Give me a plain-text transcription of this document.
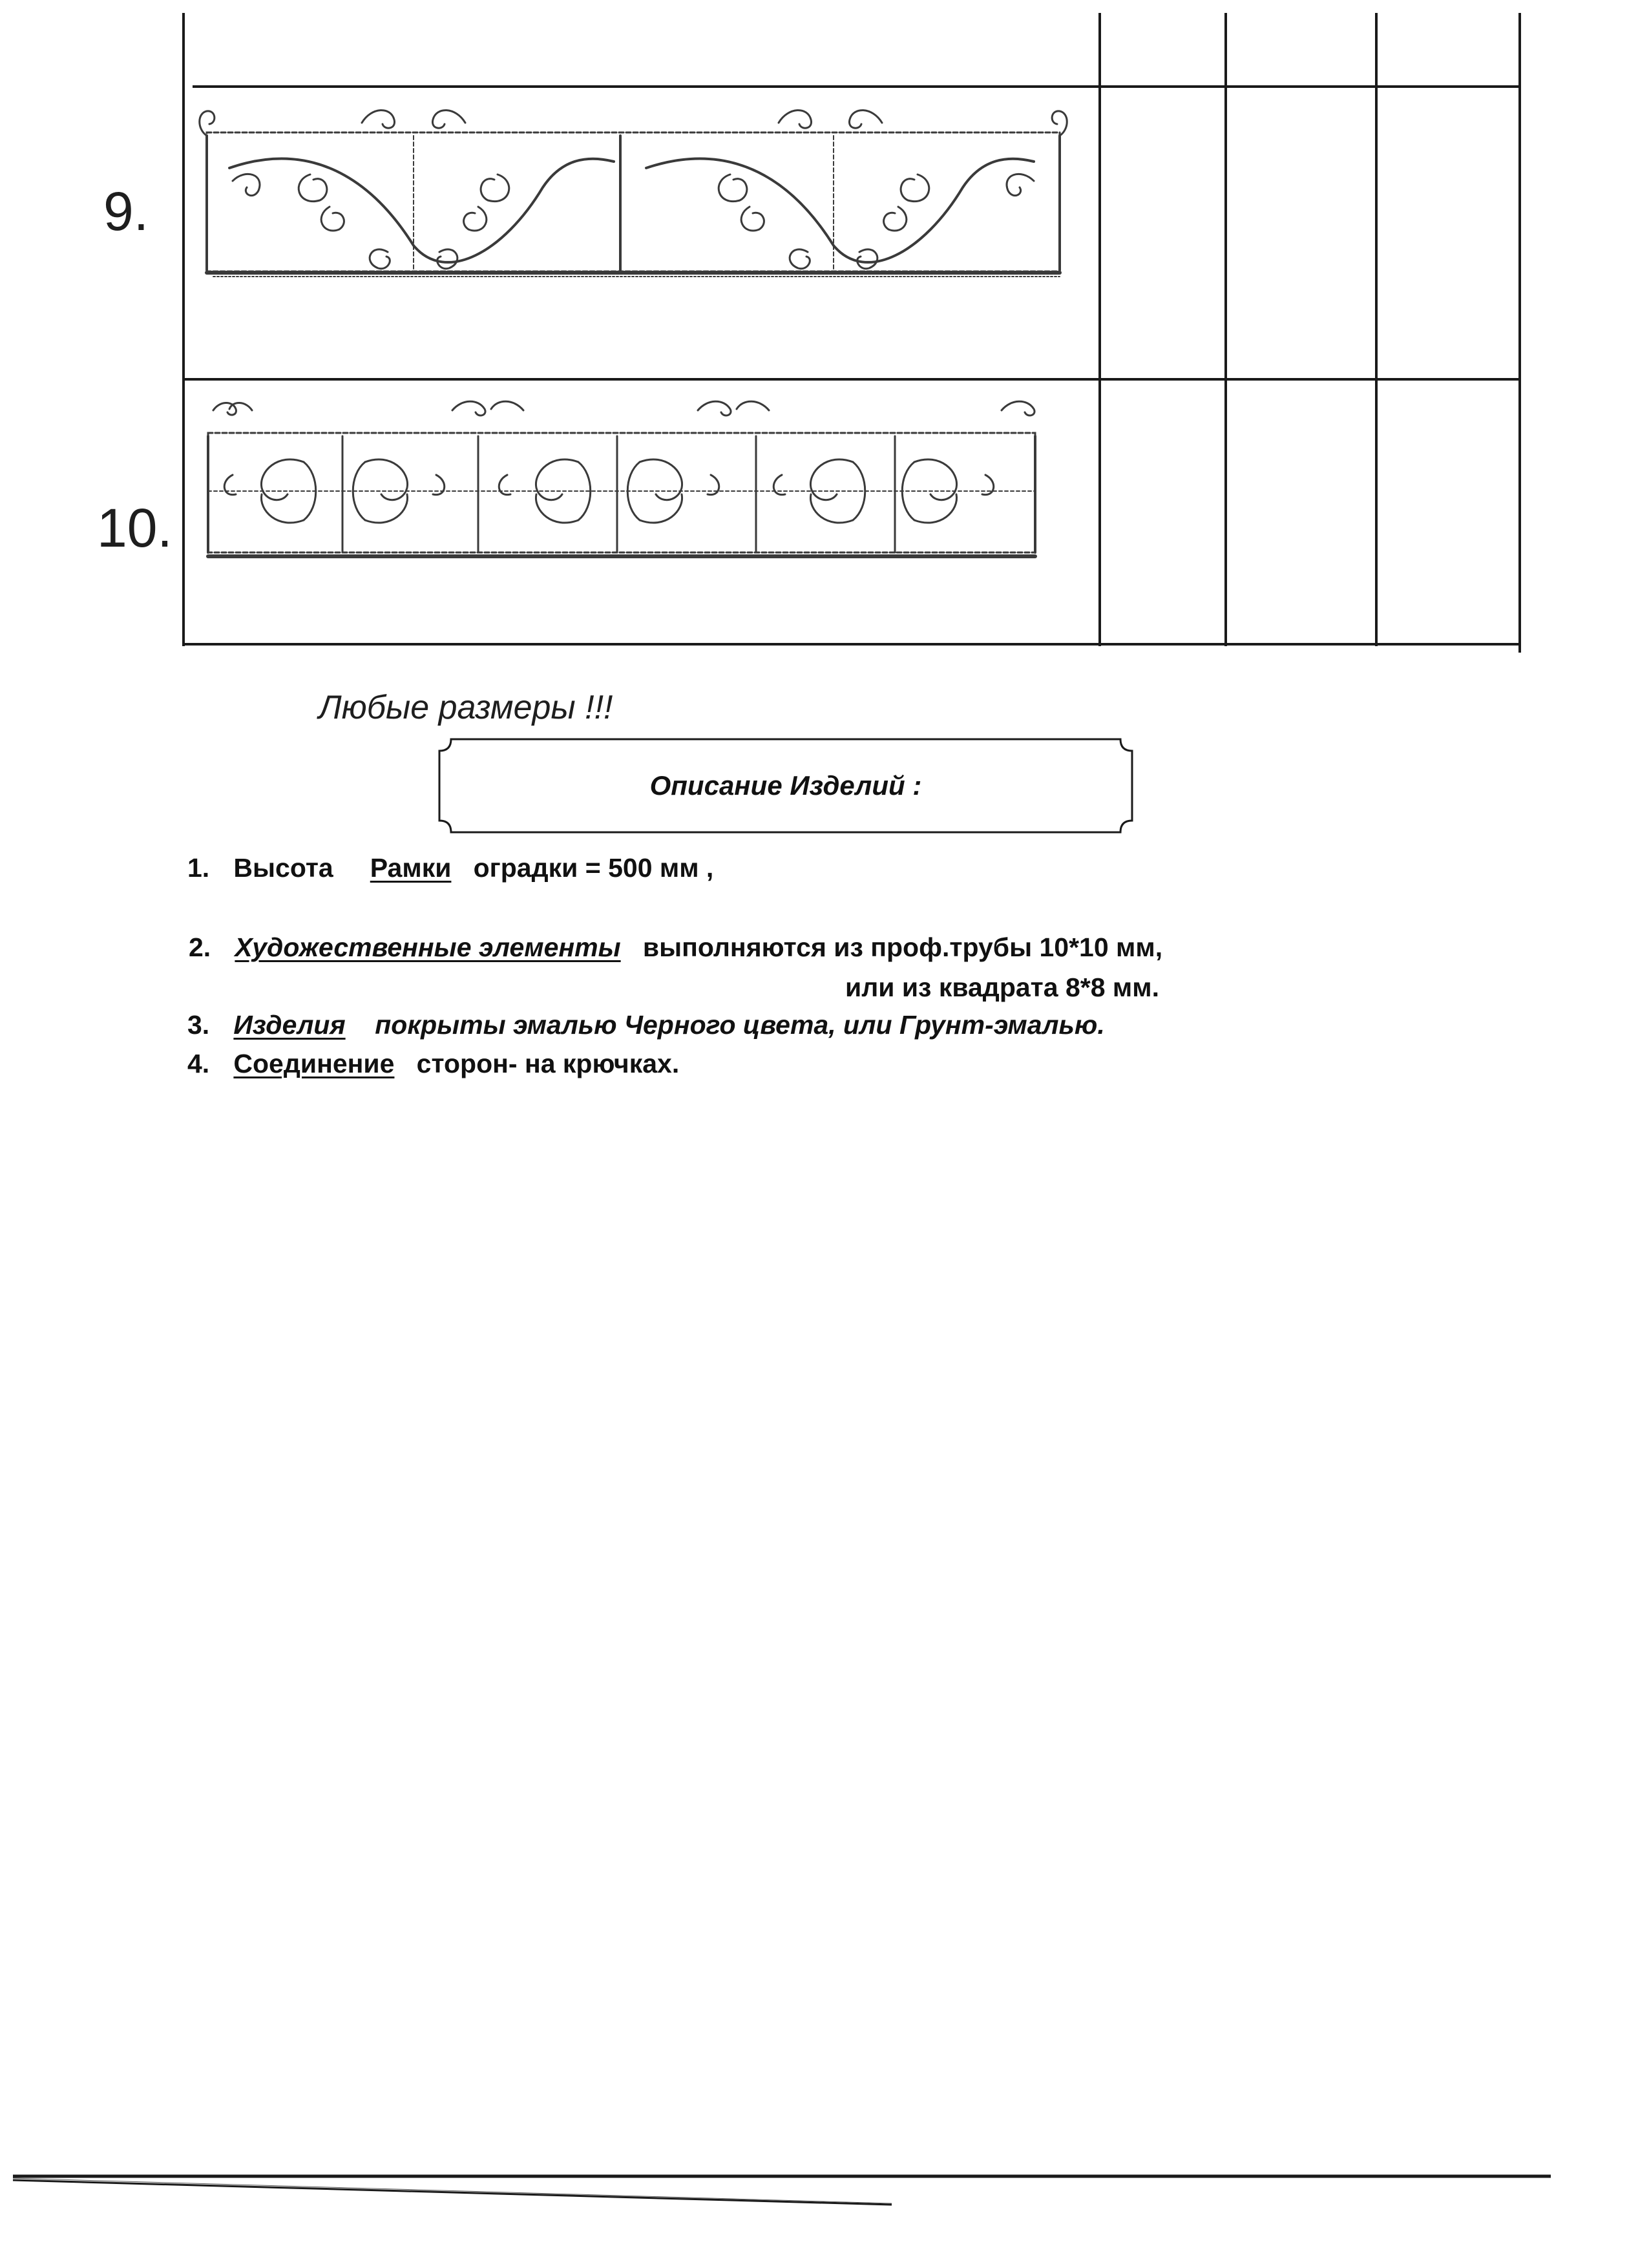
9.
10.
Любые размеры !!!
Описание Изделий :
1. Высота Рамки оградки = 500 мм ,
2. Художественные элементы выполняются из проф.трубы 10*10 мм,
или из квадрата 8*8 мм.
3. Изделия покрыты эмалью Черного цвета, или Грунт-эмалью.
4. Соединение сторон- на крючках.
